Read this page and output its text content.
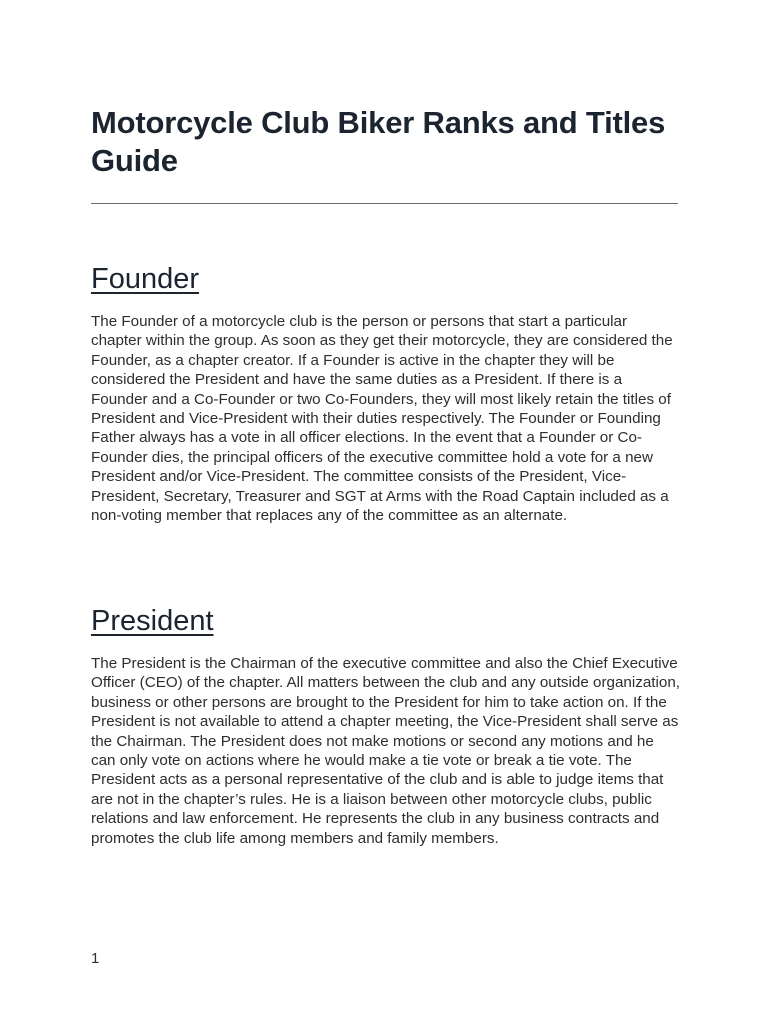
Motorcycle Club Biker Ranks and Titles Guide
Founder

The Founder of a motorcycle club is the person or persons that start a particular chapter within the group. As soon as they get their motorcycle, they are considered the Founder, as a chapter creator. If a Founder is active in the chapter they will be considered the President and have the same duties as a President. If there is a Founder and a Co-Founder or two Co-Founders, they will most likely retain the titles of President and Vice-President with their duties respectively. The Founder or Founding Father always has a vote in all officer elections. In the event that a Founder or Co-Founder dies, the principal officers of the executive committee hold a vote for a new President and/or Vice-President. The committee consists of the President, Vice-President, Secretary, Treasurer and SGT at Arms with the Road Captain included as a non-voting member that replaces any of the committee as an alternate.

President

The President is the Chairman of the executive committee and also the Chief Executive Officer (CEO) of the chapter. All matters between the club and any outside organization, business or other persons are brought to the President for him to take action on. If the President is not available to attend a chapter meeting, the Vice-President shall serve as the Chairman. The President does not make motions or second any motions and he can only vote on actions where he would make a tie vote or break a tie vote. The President acts as a personal representative of the club and is able to judge items that are not in the chapter’s rules. He is a liaison between other motorcycle clubs, public relations and law enforcement. He represents the club in any business contracts and promotes the club life among members and family members.

1
